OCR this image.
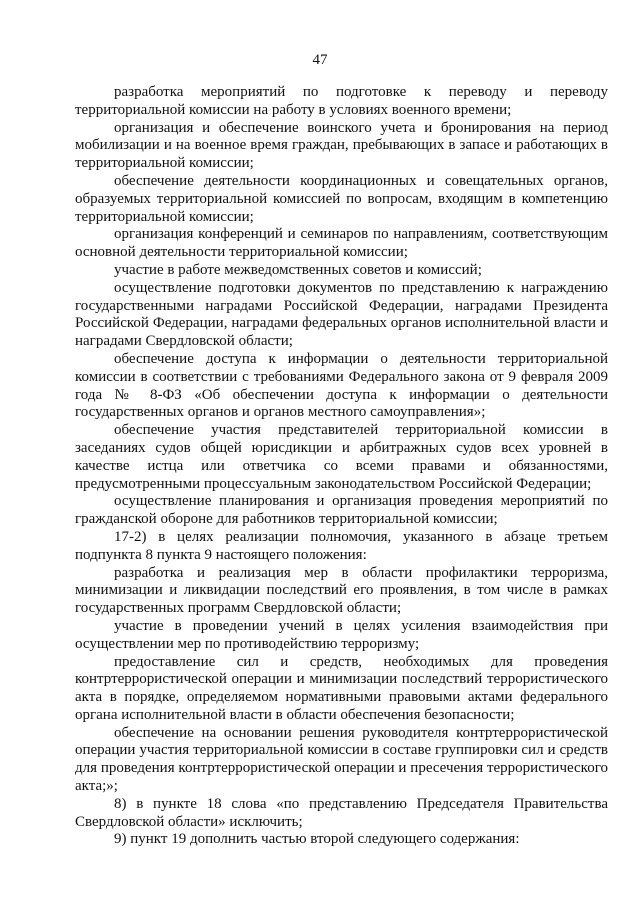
47

разработка мероприятий по подготовке к переводу и переводу территориальной комиссии на работу в условиях военного времени;

организация и обеспечение воинского учета и бронирования на период мобилизации и на военное время граждан, пребывающих в запасе и работающих в территориальной комиссии;

обеспечение деятельности координационных и совещательных органов, образуемых территориальной комиссией по вопросам, входящим в компетенцию территориальной комиссии;

организация конференций и семинаров по направлениям, соответствующим основной деятельности территориальной комиссии;

участие в работе межведомственных советов и комиссий;

осуществление подготовки документов по представлению к награждению государственными наградами Российской Федерации, наградами Президента Российской Федерации, наградами федеральных органов исполнительной власти и наградами Свердловской области;

обеспечение доступа к информации о деятельности территориальной комиссии в соответствии с требованиями Федерального закона от 9 февраля 2009 года № 8-ФЗ «Об обеспечении доступа к информации о деятельности государственных органов и органов местного самоуправления»;

обеспечение участия представителей территориальной комиссии в заседаниях судов общей юрисдикции и арбитражных судов всех уровней в качестве истца или ответчика со всеми правами и обязанностями, предусмотренными процессуальным законодательством Российской Федерации;

осуществление планирования и организация проведения мероприятий по гражданской обороне для работников территориальной комиссии;

17-2) в целях реализации полномочия, указанного в абзаце третьем подпункта 8 пункта 9 настоящего положения:

разработка и реализация мер в области профилактики терроризма, минимизации и ликвидации последствий его проявления, в том числе в рамках государственных программ Свердловской области;

участие в проведении учений в целях усиления взаимодействия при осуществлении мер по противодействию терроризму;

предоставление сил и средств, необходимых для проведения контртеррористической операции и минимизации последствий террористического акта в порядке, определяемом нормативными правовыми актами федерального органа исполнительной власти в области обеспечения безопасности;

обеспечение на основании решения руководителя контртеррористической операции участия территориальной комиссии в составе группировки сил и средств для проведения контртеррористической операции и пресечения террористического акта;»;

8) в пункте 18 слова «по представлению Председателя Правительства Свердловской области» исключить;

9) пункт 19 дополнить частью второй следующего содержания:
